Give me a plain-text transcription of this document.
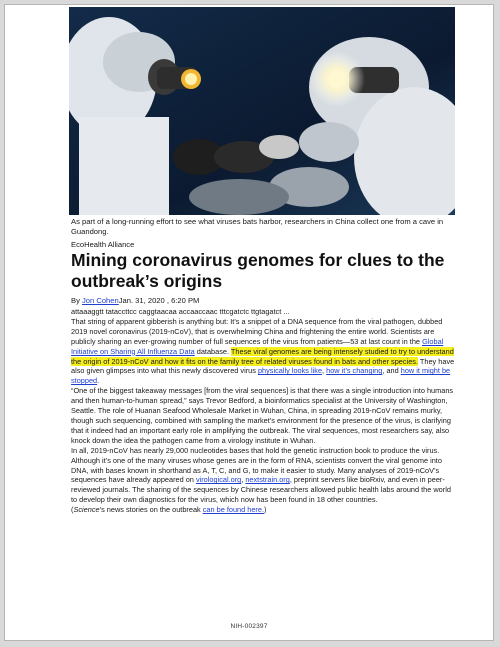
As part of a long-running effort to see what viruses bats harbor, researchers in China collect one from a cave in Guandong.
EcoHealth Alliance
Mining coronavirus genomes for clues to the outbreak’s origins
By Jon CohenJan. 31, 2020 , 6:20 PM

attaaaggtt tataccttcc caggtaacaa accaaccaac tttcgatctc ttgtagatct ...

That string of apparent gibberish is anything but: It’s a snippet of a DNA sequence from the viral pathogen, dubbed 2019 novel coronavirus (2019-nCoV), that is overwhelming China and frightening the entire world. Scientists are publicly sharing an ever-growing number of full sequences of the virus from patients—53 at last count in the Global Initiative on Sharing All Influenza Data database. These viral genomes are being intensely studied to try to understand the origin of 2019-nCoV and how it fits on the family tree of related viruses found in bats and other species. They have also given glimpses into what this newly discovered virus physically looks like, how it’s changing, and how it might be stopped.

“One of the biggest takeaway messages [from the viral sequences] is that there was a single introduction into humans and then human-to-human spread,” says Trevor Bedford, a bioinformatics specialist at the University of Washington, Seattle. The role of Huanan Seafood Wholesale Market in Wuhan, China, in spreading 2019-nCoV remains murky, though such sequencing, combined with sampling the market’s environment for the presence of the virus, is clarifying that it indeed had an important early role in amplifying the outbreak. The viral sequences, most researchers say, also knock down the idea the pathogen came from a virology institute in Wuhan.

In all, 2019-nCoV has nearly 29,000 nucleotides bases that hold the genetic instruction book to produce the virus. Although it’s one of the many viruses whose genes are in the form of RNA, scientists convert the viral genome into DNA, with bases known in shorthand as A, T, C, and G, to make it easier to study. Many analyses of 2019-nCoV’s sequences have already appeared on virological.org, nextstrain.org, preprint servers like bioRxiv, and even in peer-reviewed journals. The sharing of the sequences by Chinese researchers allowed public health labs around the world to develop their own diagnostics for the virus, which now has been found in 18 other countries.

(Science’s news stories on the outbreak can be found here.)

NIH-002397
